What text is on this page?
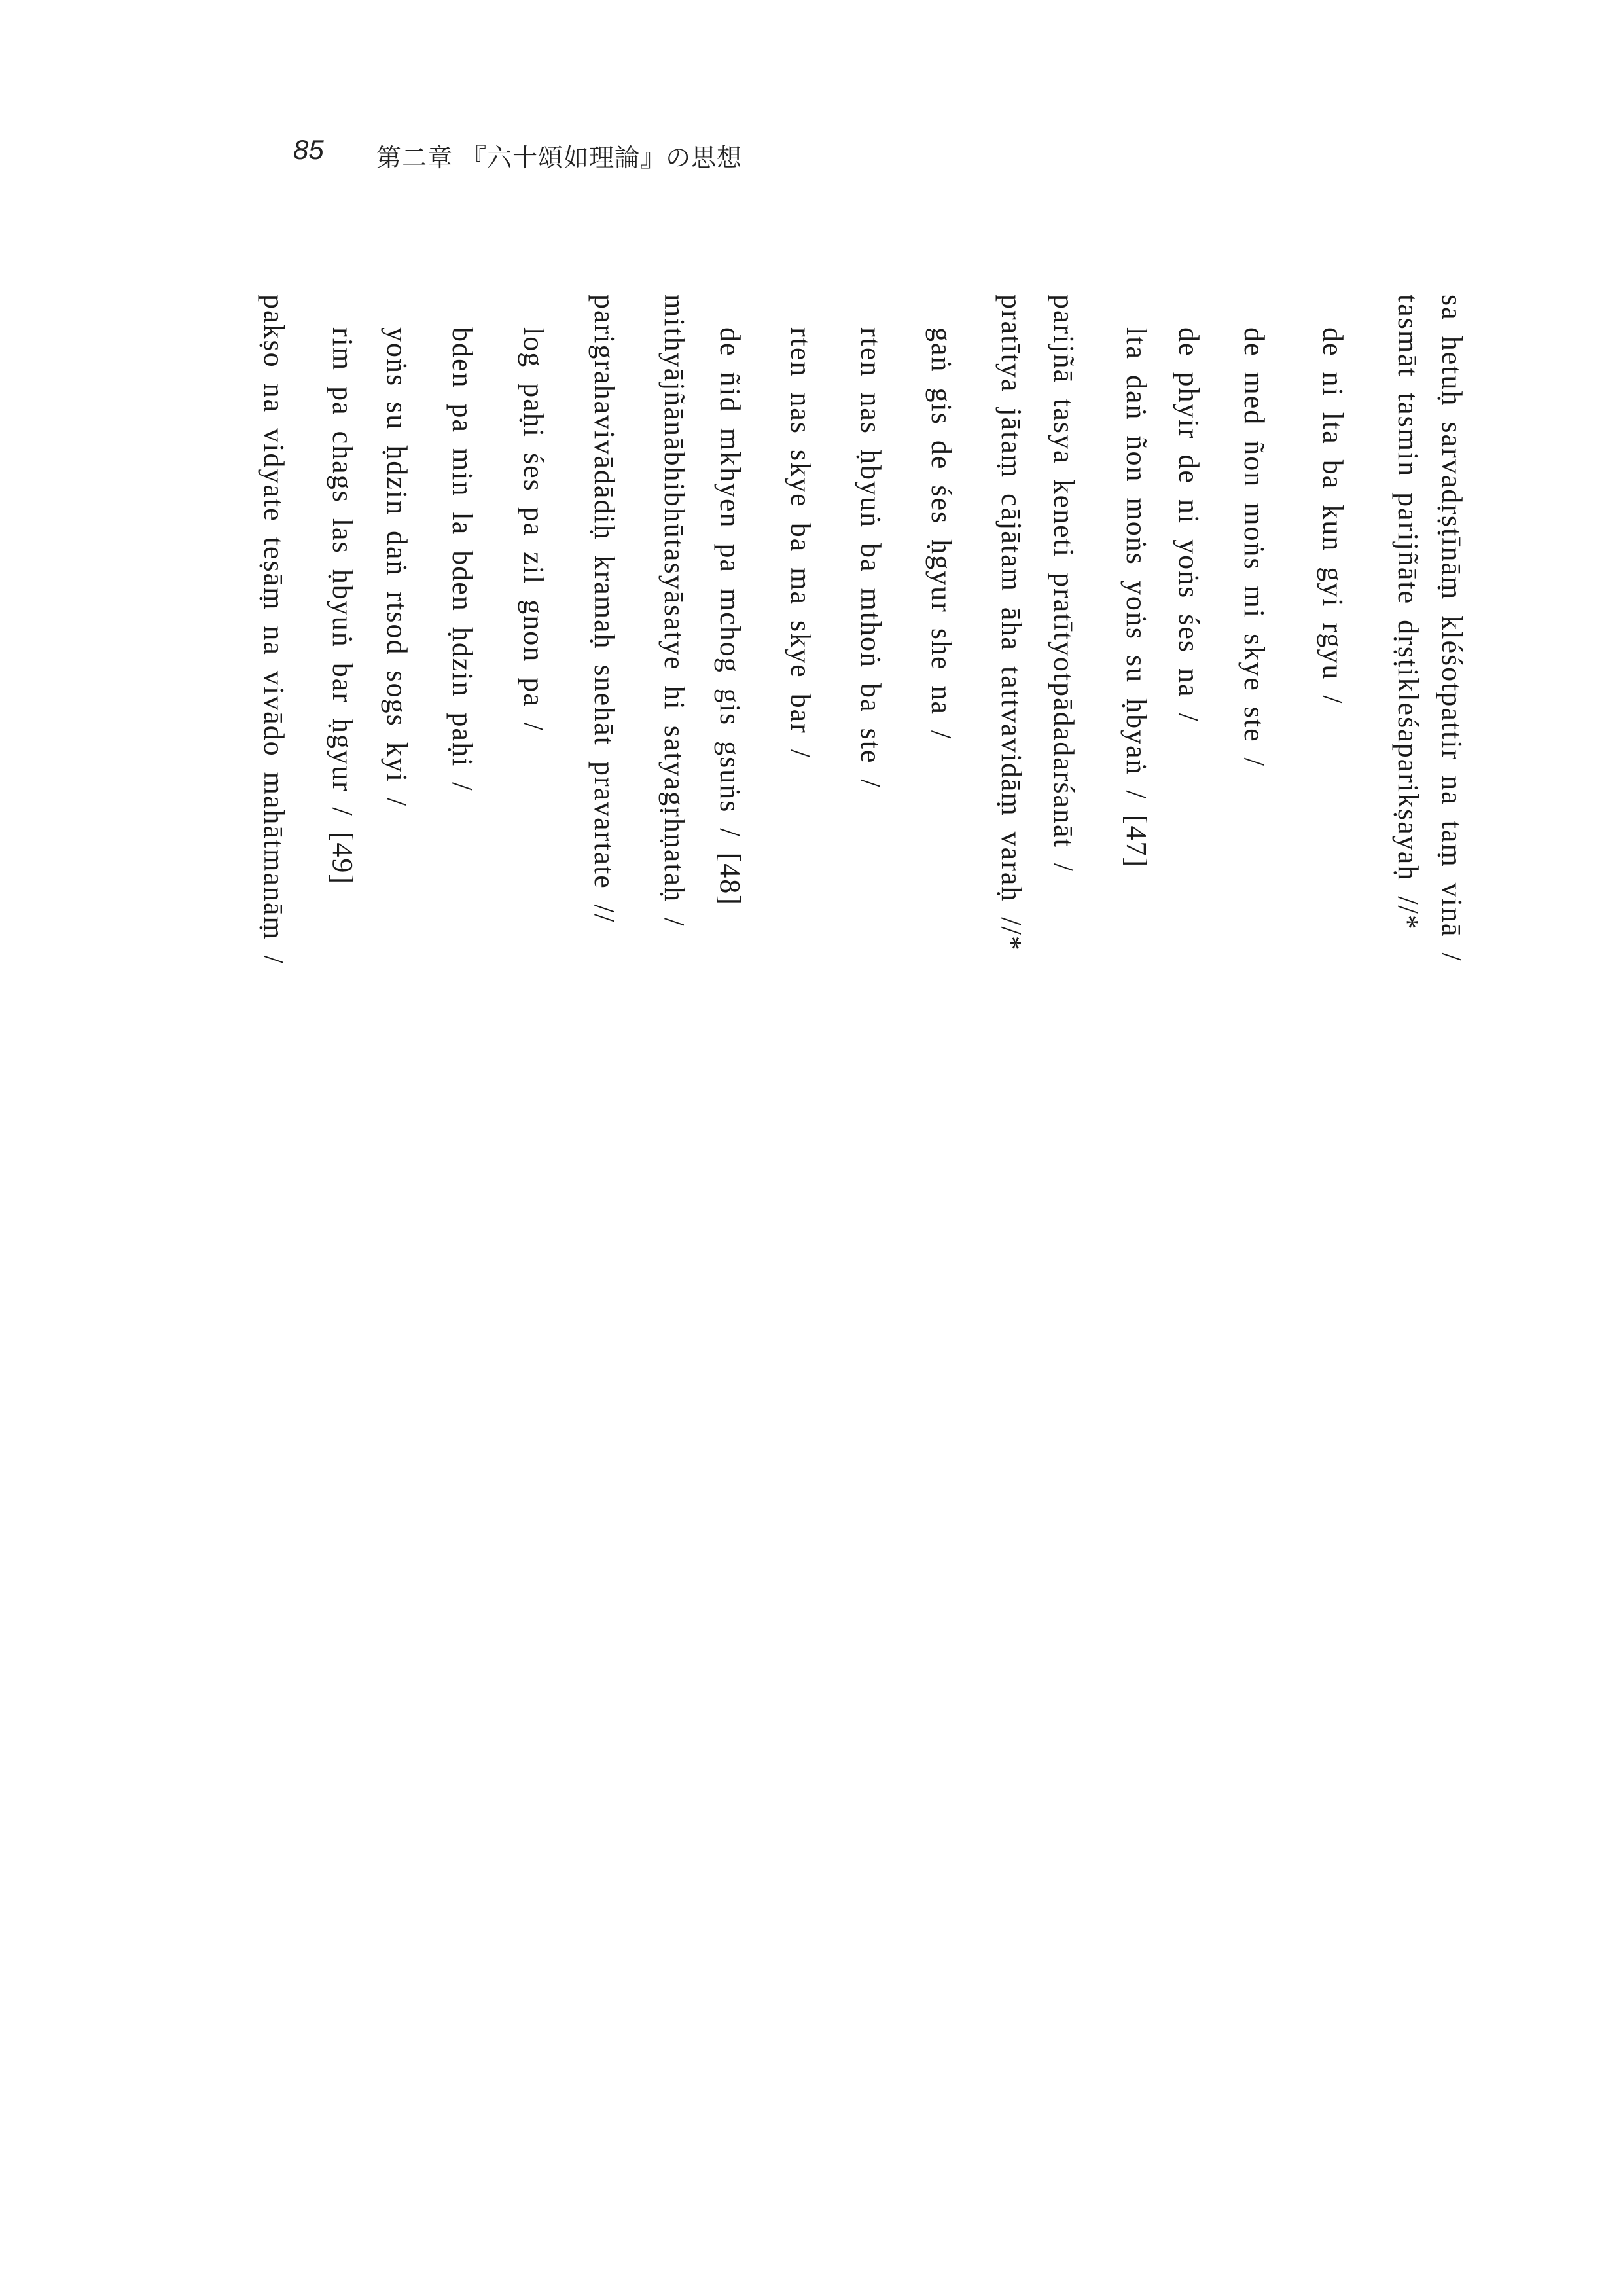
85 第二章 『六十頌如理論』の思想
sa hetuḥ sarvadṛṣṭīnāṃ kléśotpattir na taṃ vinā /
tasmāt tasmin parijñāte dṛṣṭikleśaparikṣayaḥ //*
de ni lta ba kun gyi rgyu /
de med ñon moṅs mi skye ste /
de phyir de ni yoṅs śes na /
lta daṅ ñon moṅs yoṅs su ḥbyaṅ / [47]
parijñā tasya keneti pratītyotpādadarśanāt /
pratītya jātaṃ cājātam āha tattvavidāṃ varaḥ //*
gaṅ gis de śes ḥgyur she na /
rten nas ḥbyuṅ ba mthoṅ ba ste /
rten nas skye ba ma skye bar /
de ñid mkhyen pa mchog gis gsuṅs / [48]
mithyājñānābhibhūtasyāsatye hi satyagṛhṇataḥ /
parigrahavivādādiḥ kramaḥ snehāt pravartate //
log paḥi śes pa zil gnon pa /
bden pa min la bden ḥdzin paḥi /
yoṅs su ḥdzin daṅ rtsod sogs kyi /
rim pa chags las ḥbyuṅ bar ḥgyur / [49]
pakṣo na vidyate teṣāṃ na vivādo mahātmanāṃ /
